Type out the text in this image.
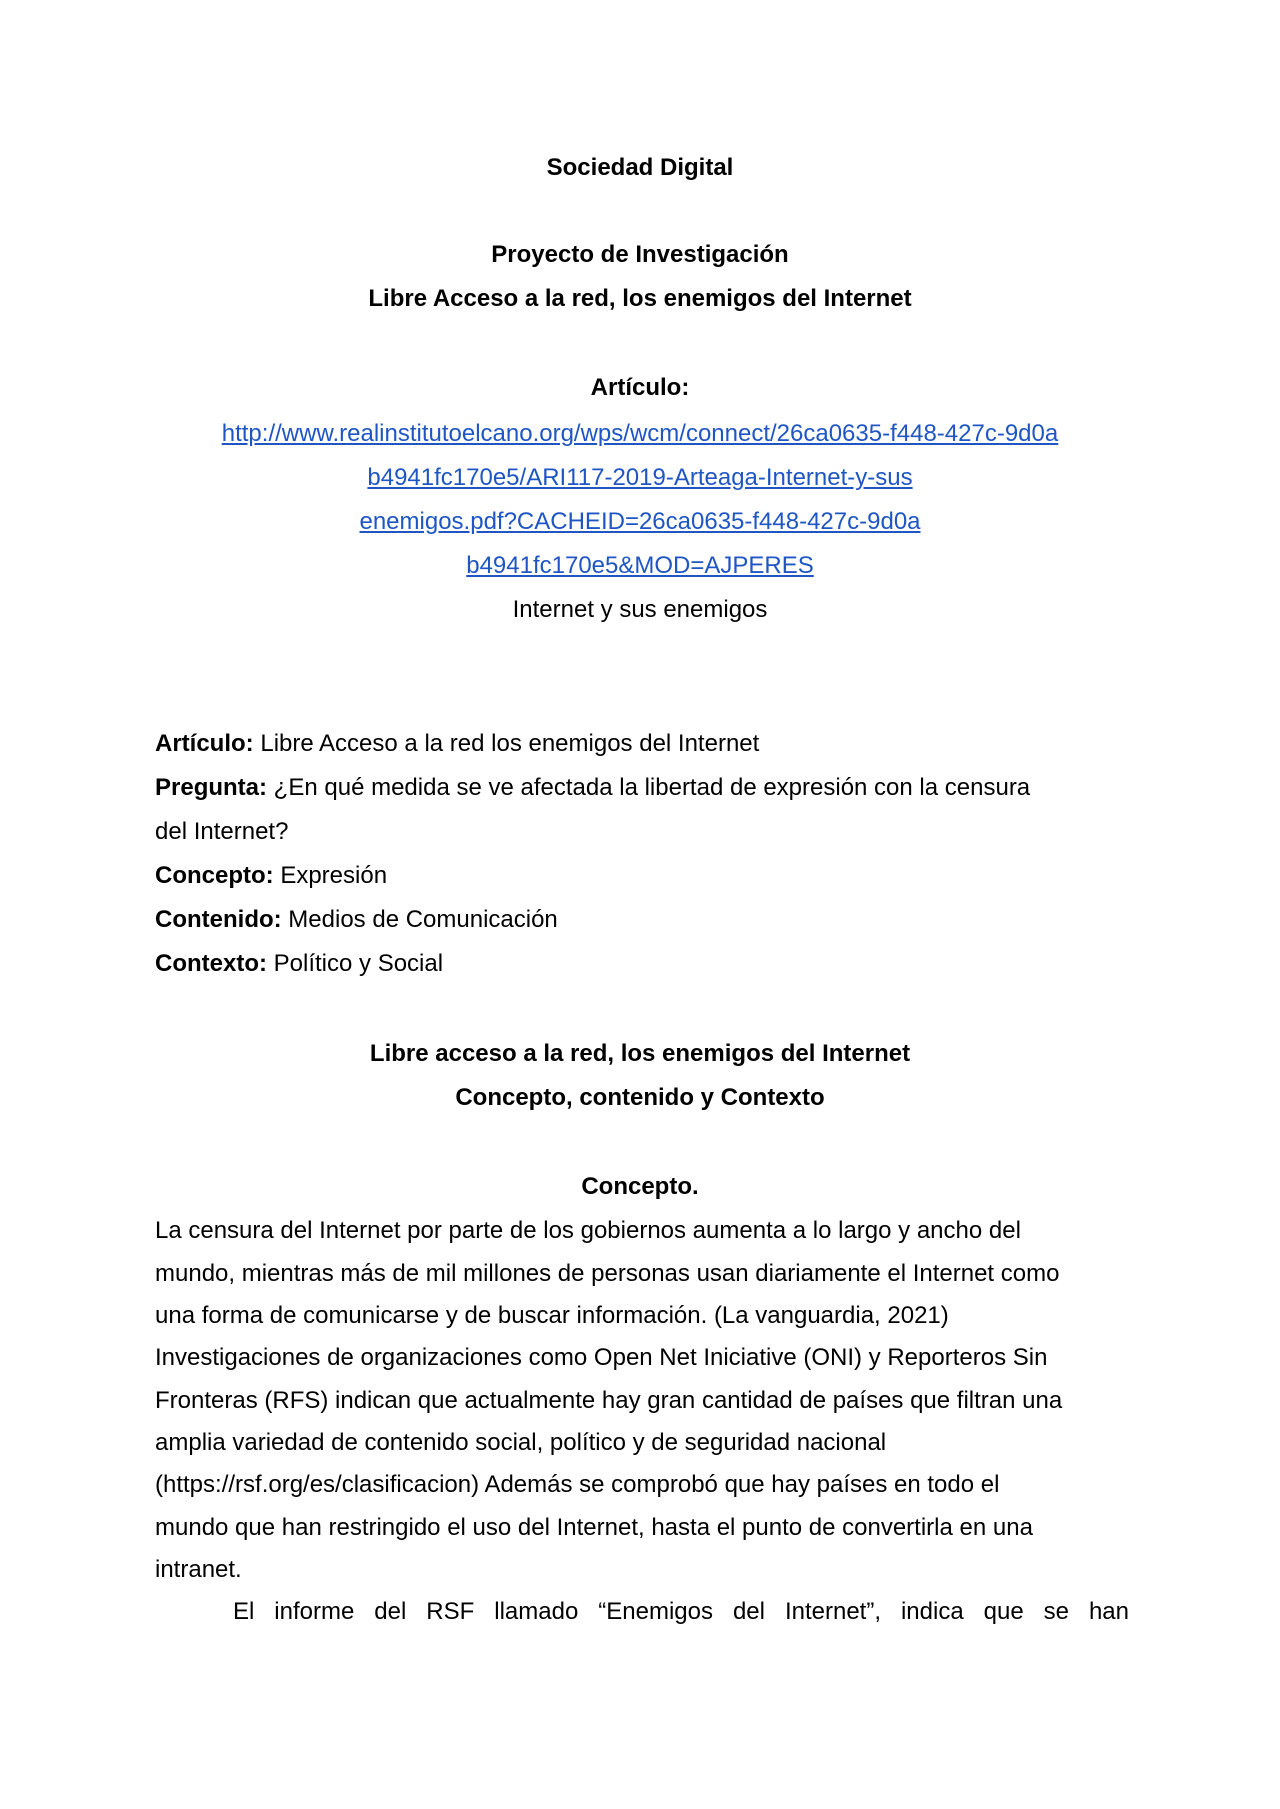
Sociedad Digital
Proyecto de Investigación
Libre Acceso a la red, los enemigos del Internet
Artículo:
http://www.realinstitutoelcano.org/wps/wcm/connect/26ca0635-f448-427c-9d0a
b4941fc170e5/ARI117-2019-Arteaga-Internet-y-sus
enemigos.pdf?CACHEID=26ca0635-f448-427c-9d0a
b4941fc170e5&MOD=AJPERES
Internet y sus enemigos
Artículo: Libre Acceso a la red los enemigos del Internet
Pregunta: ¿En qué medida se ve afectada la libertad de expresión con la censura
del Internet?
Concepto: Expresión
Contenido: Medios de Comunicación
Contexto: Político y Social
Libre acceso a la red, los enemigos del Internet
Concepto, contenido y Contexto
Concepto.
La censura del Internet por parte de los gobiernos aumenta a lo largo y ancho del
mundo, mientras más de mil millones de personas usan diariamente el Internet como
una forma de comunicarse y de buscar información. (La vanguardia, 2021)
Investigaciones de organizaciones como Open Net Iniciative (ONI) y Reporteros Sin
Fronteras (RFS) indican que actualmente hay gran cantidad de países que filtran una
amplia variedad de contenido social, político y de seguridad nacional
(https://rsf.org/es/clasificacion) Además se comprobó que hay países en todo el
mundo que han restringido el uso del Internet, hasta el punto de convertirla en una
intranet.
El informe del RSF llamado “Enemigos del Internet”, indica que se han
